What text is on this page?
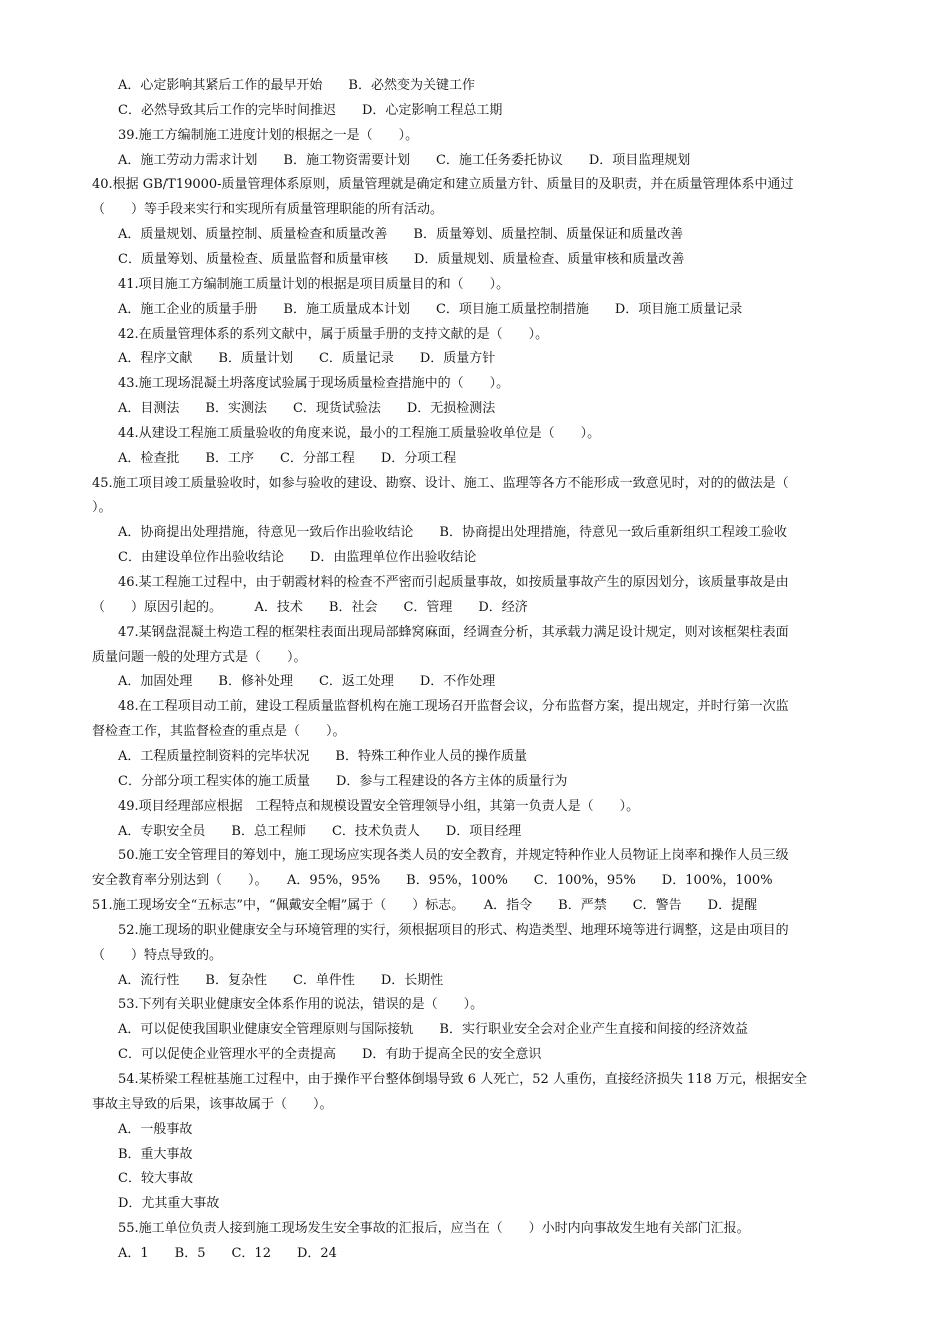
A．心定影响其紧后工作的最早开始　　B．必然变为关键工作
C．必然导致其后工作的完毕时间推迟　　D．心定影响工程总工期
39.施工方编制施工进度计划的根据之一是（　　）。
A．施工劳动力需求计划　　B．施工物资需要计划　　C．施工任务委托协议　　D．项目监理规划
40.根据 GB/T19000-质量管理体系原则，质量管理就是确定和建立质量方针、质量目的及职责，并在质量管理体系中通过
（　　）等手段来实行和实现所有质量管理职能的所有活动。
A．质量规划、质量控制、质量检查和质量改善　　B．质量筹划、质量控制、质量保证和质量改善
C．质量筹划、质量检查、质量监督和质量审核　　D．质量规划、质量检查、质量审核和质量改善
41.项目施工方编制施工质量计划的根据是项目质量目的和（　　）。
A．施工企业的质量手册　　B．施工质量成本计划　　C．项目施工质量控制措施　　D．项目施工质量记录
42.在质量管理体系的系列文献中，属于质量手册的支持文献的是（　　）。
A．程序文献　　B．质量计划　　C．质量记录　　D．质量方针
43.施工现场混凝土坍落度试验属于现场质量检查措施中的（　　）。
A．目测法　　B．实测法　　C．现货试验法　　D．无损检测法
44.从建设工程施工质量验收的角度来说，最小的工程施工质量验收单位是（　　）。
A．检查批　　B．工序　　C．分部工程　　D．分项工程
45.施工项目竣工质量验收时，如参与验收的建设、勘察、设计、施工、监理等各方不能形成一致意见时，对的的做法是（
）。
A．协商提出处理措施，待意见一致后作出验收结论　　B．协商提出处理措施，待意见一致后重新组织工程竣工验收
C．由建设单位作出验收结论　　D．由监理单位作出验收结论
46.某工程施工过程中，由于朝霞材料的检查不严密而引起质量事故，如按质量事故产生的原因划分，该质量事故是由
（　　）原因引起的。　　　A．技术　　B．社会　　C．管理　　D．经济
47.某钢盘混凝土构造工程的框架柱表面出现局部蜂窝麻面，经调查分析，其承载力满足设计规定，则对该框架柱表面
质量问题一般的处理方式是（　　）。
A．加固处理　　B．修补处理　　C．返工处理　　D．不作处理
48.在工程项目动工前，建设工程质量监督机构在施工现场召开监督会议，分布监督方案，提出规定，并时行第一次监
督检查工作，其监督检查的重点是（　　）。
A．工程质量控制资料的完毕状况　　B．特殊工种作业人员的操作质量
C．分部分项工程实体的施工质量　　D．参与工程建设的各方主体的质量行为
49.项目经理部应根据　工程特点和规模设置安全管理领导小组，其第一负责人是（　　）。
A．专职安全员　　B．总工程师　　C．技术负责人　　D．项目经理
50.施工安全管理目的筹划中，施工现场应实现各类人员的安全教育，并规定特种作业人员物证上岗率和操作人员三级
安全教育率分别达到（　　）。　　A．95%，95%　　B．95%，100%　　C．100%，95%　　D．100%，100%
51.施工现场安全“五标志”中，“佩戴安全帽”属于（　　）标志。　　A．指令　　B．严禁　　C．警告　　D．提醒
52.施工现场的职业健康安全与环境管理的实行，须根据项目的形式、构造类型、地理环境等进行调整，这是由项目的
（　　）特点导致的。
A．流行性　　B．复杂性　　C．单件性　　D．长期性
53.下列有关职业健康安全体系作用的说法，错误的是（　　）。
A．可以促使我国职业健康安全管理原则与国际接轨　　B．实行职业安全会对企业产生直接和间接的经济效益
C．可以促使企业管理水平的全责提高　　D．有助于提高全民的安全意识
54.某桥梁工程桩基施工过程中，由于操作平台整体倒塌导致 6 人死亡，52 人重伤，直接经济损失 118 万元，根据安全
事故主导致的后果，该事故属于（　　）。
A．一般事故
B．重大事故
C．较大事故
D．尤其重大事故
55.施工单位负责人接到施工现场发生安全事故的汇报后，应当在（　　）小时内向事故发生地有关部门汇报。
A．1　　B．5　　C．12　　D．24
